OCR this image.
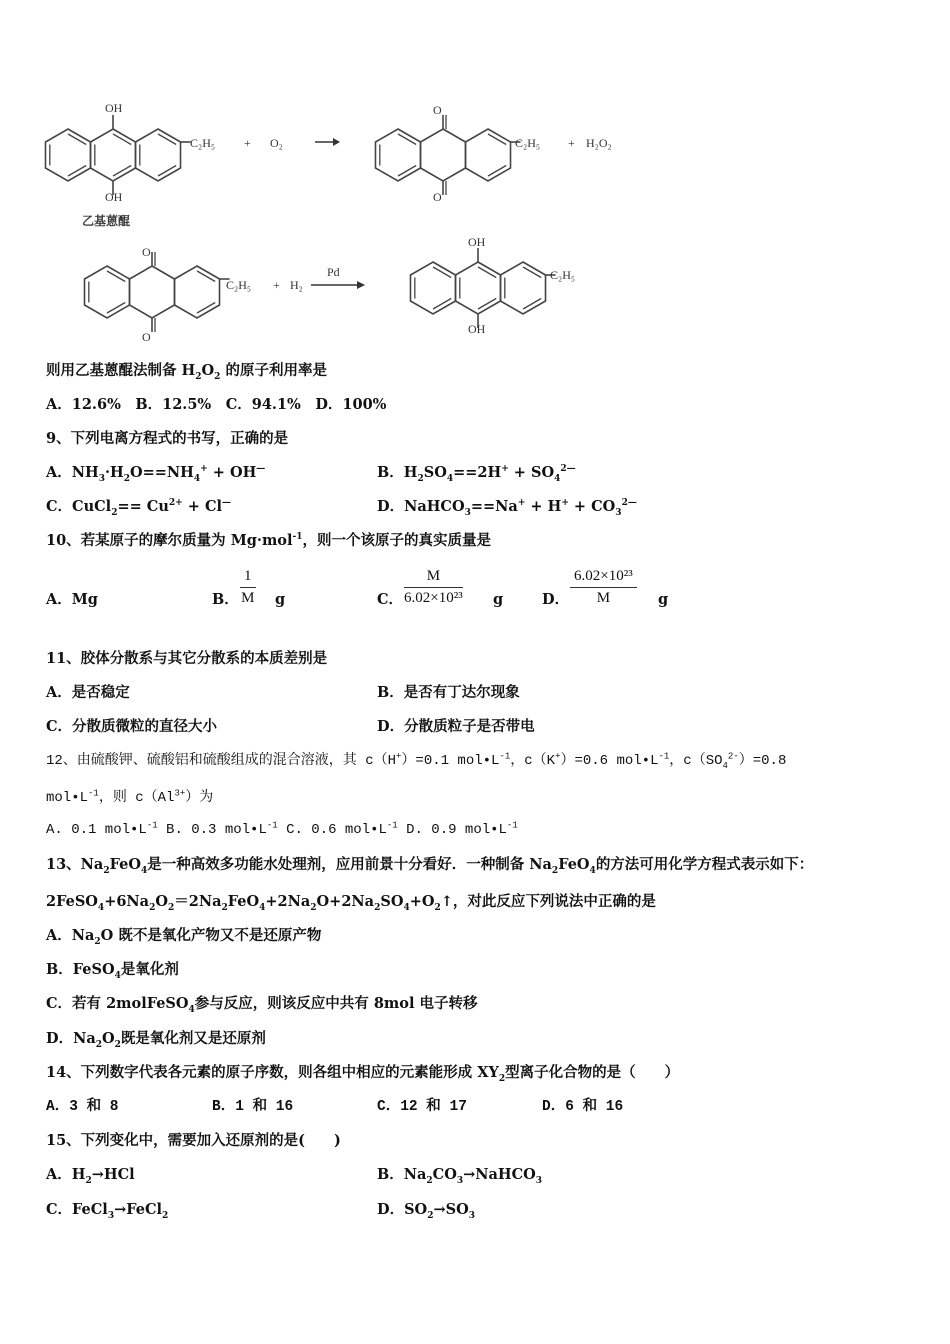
OH
OH
C₂H₅ + O₂
乙基蒽醌
O
O
C₂H₅ + H₂O₂
O
O
C₂H₅ + H₂
Pd
OH
OH
C₂H₅
则用乙基蒽醌法制备 $H_2O_2$ 的原子利用率是
A．12.6%　B．12.5%　C．94.1%　D．100%
9、下列电离方程式的书写，正确的是
11、胶体分散系与其它分散系的本质差别是
12、由硫酸钾、硫酸铝和硫酸组成的混合溶液，其 c（H+）=0.1 $mol•L^{-1}$，c（K+）=0.6 $mol•L^{-1}$，$c(SO_4^{2-})=0.8$
$mol•L^{-1}$，则 $c(Al^{3+})$为
A. 0.1 $mol•L^{-1}$ B. 0.3 $mol•L^{-1}$ C. 0.6 $mol•L^{-1}$ D. 0.9 $mol•L^{-1}$
13、$Na_2FeO_4$是一种高效多功能水处理剂，应用前景十分看好．一种制备 $Na_2FeO_4$的方法可用化学方程式表示如下：
$2FeSO_4+6Na_2O_2=2Na_2FeO_4+2Na_2O+2Na_2SO_4+O_2↑$，对此反应下列说法中正确的是
A．$Na_2O$ 既不是氧化产物又不是还原产物
B．FeSO$_4$是氧化剂
C．若有 2molFeSO$_4$参与反应，则该反应中共有 8mol 电子转移
D．$Na_2O_2$既是氧化剂又是还原剂
14、下列数字代表各元素的原子序数，则各组中相应的元素能形成 $XY_2$型离子化合物的是（　　）
15、下列变化中，需要加入还原剂的是(　　)
A．$NH_3\cdot H_2O==NH_4^+ + OH^—$	B．$H_2SO_4==2H^+ + SO_4^{2—}$
C．CuCl$_2$== $Cu^{2+} + Cl^—$	D．NaHCO$_3$==Na+ + $H^+ + CO_3^{2—}$
10、若某原子的摩尔质量为 Mg·mol$^{-1}$，则一个该原子的真实质量是
A．Mg	B． g	C．	g	D．	g
A．是否稳定	B．是否有丁达尔现象
C．分散质微粒的直径大小	D．分散质粒子是否带电
A．3 和 8	B．1 和 16	C．12 和 17	D．6 和 16
A．$H_2\to HCl$	B．$Na_2CO_3\to NaHCO_3$
C．FeCl$_3$→FeCl$_2$	D．$SO_2\to SO_3$
$\frac{1}{M}$	$\frac{M}{\text{6.02×10²³}}$	$\frac{\text{6.02×10²³}}{M}$
